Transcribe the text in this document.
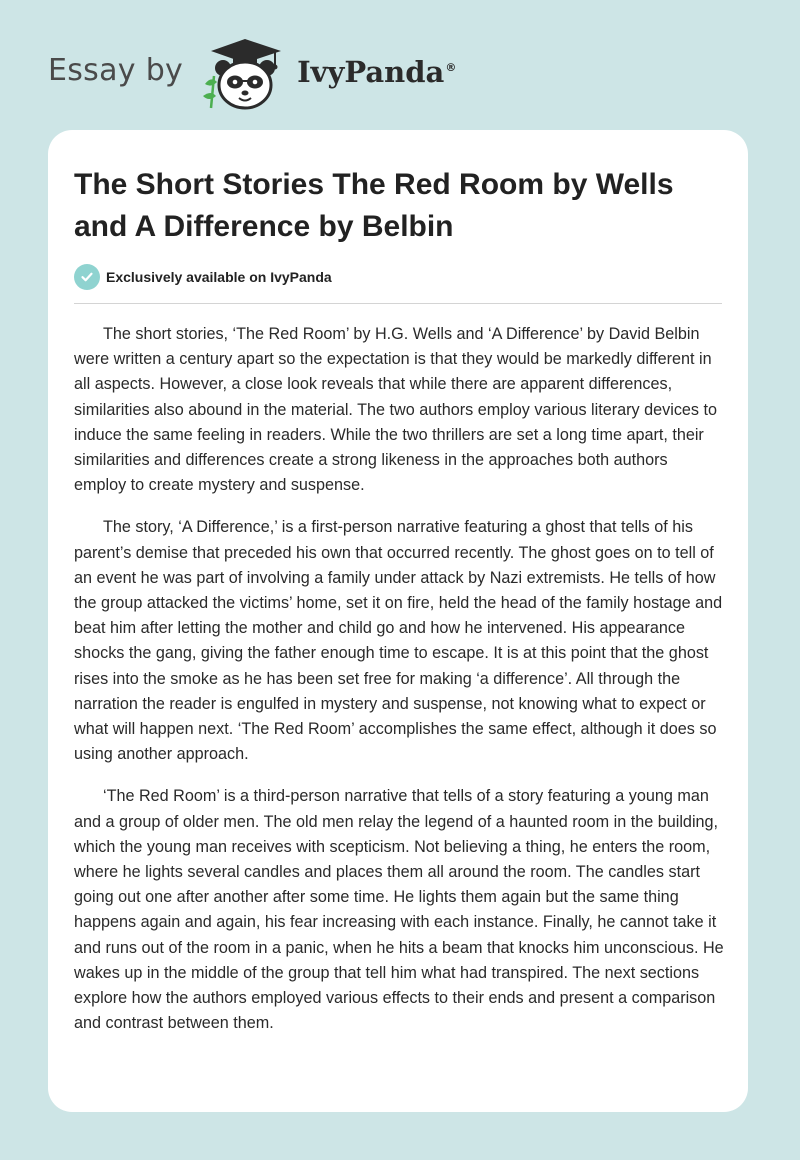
Essay by	IvyPanda®
The Short Stories The Red Room by Wells and A Difference by Belbin
Exclusively available on IvyPanda

The short stories, ‘The Red Room’ by H.G. Wells and ‘A Difference’ by David Belbin were written a century apart so the expectation is that they would be markedly different in all aspects. However, a close look reveals that while there are apparent differences, similarities also abound in the material. The two authors employ various literary devices to induce the same feeling in readers. While the two thrillers are set a long time apart, their similarities and differences create a strong likeness in the approaches both authors employ to create mystery and suspense.

The story, ‘A Difference,’ is a first-person narrative featuring a ghost that tells of his parent’s demise that preceded his own that occurred recently. The ghost goes on to tell of an event he was part of involving a family under attack by Nazi extremists. He tells of how the group attacked the victims’ home, set it on fire, held the head of the family hostage and beat him after letting the mother and child go and how he intervened. His appearance shocks the gang, giving the father enough time to escape. It is at this point that the ghost rises into the smoke as he has been set free for making ‘a difference’. All through the narration the reader is engulfed in mystery and suspense, not knowing what to expect or what will happen next. ‘The Red Room’ accomplishes the same effect, although it does so using another approach.

‘The Red Room’ is a third-person narrative that tells of a story featuring a young man and a group of older men. The old men relay the legend of a haunted room in the building, which the young man receives with scepticism. Not believing a thing, he enters the room, where he lights several candles and places them all around the room. The candles start going out one after another after some time. He lights them again but the same thing happens again and again, his fear increasing with each instance. Finally, he cannot take it and runs out of the room in a panic, when he hits a beam that knocks him unconscious. He wakes up in the middle of the group that tell him what had transpired. The next sections explore how the authors employed various effects to their ends and present a comparison and contrast between them.
